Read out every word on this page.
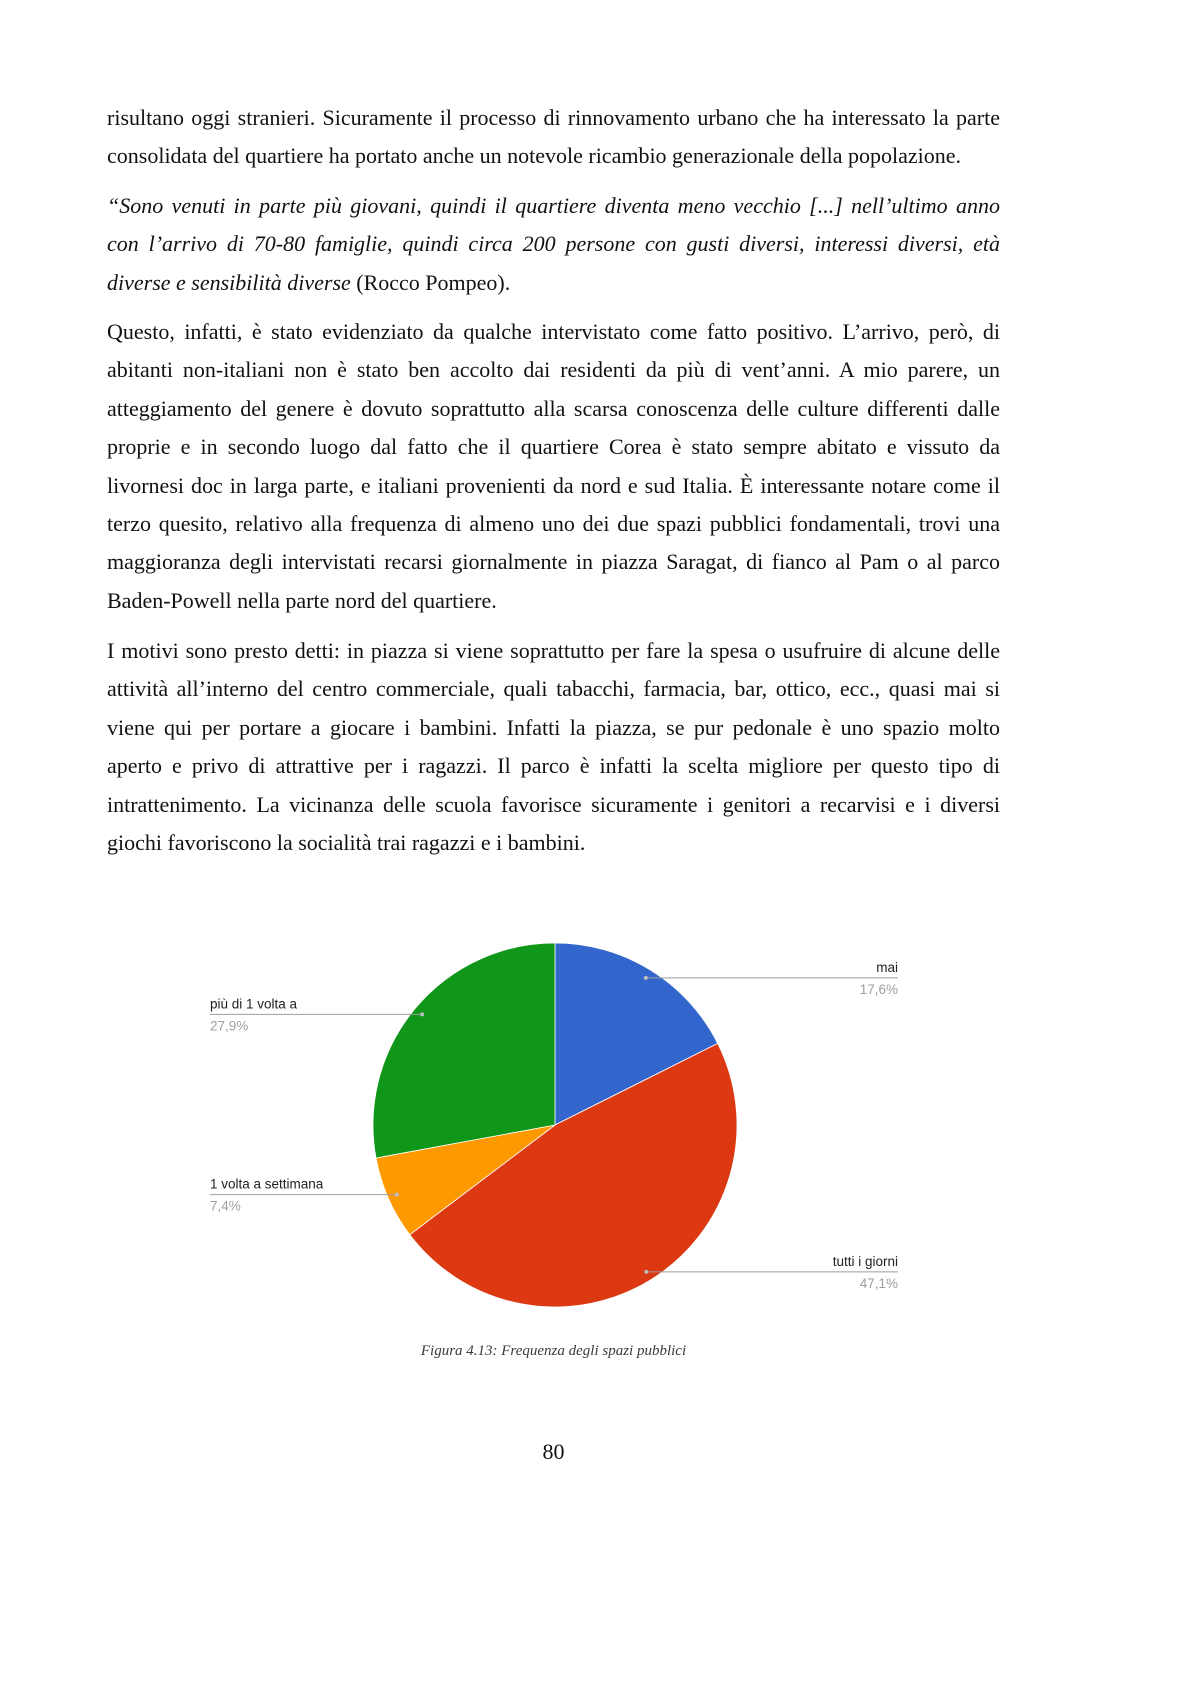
risultano oggi stranieri. Sicuramente il processo di rinnovamento urbano che ha interessato la parte
consolidata del quartiere ha portato anche un notevole ricambio generazionale della popolazione.
“Sono venuti in parte più giovani, quindi il quartiere diventa meno vecchio [...] nell’ultimo anno
con l’arrivo di 70-80 famiglie, quindi circa 200 persone con gusti diversi, interessi diversi, età
diverse e sensibilità diverse (Rocco Pompeo).
Questo, infatti, è stato evidenziato da qualche intervistato come fatto positivo. L’arrivo, però, di
abitanti non-italiani non è stato ben accolto dai residenti da più di vent’anni. A mio parere, un
atteggiamento del genere è dovuto soprattutto alla scarsa conoscenza delle culture differenti dalle
proprie e in secondo luogo dal fatto che il quartiere Corea è stato sempre abitato e vissuto da
livornesi doc in larga parte, e italiani provenienti da nord e sud Italia. È interessante notare come il
terzo quesito, relativo alla frequenza di almeno uno dei due spazi pubblici fondamentali, trovi una
maggioranza degli intervistati recarsi giornalmente in piazza Saragat, di fianco al Pam o al parco
Baden-Powell nella parte nord del quartiere.
I motivi sono presto detti: in piazza si viene soprattutto per fare la spesa o usufruire di alcune delle
attività all’interno del centro commerciale, quali tabacchi, farmacia, bar, ottico, ecc., quasi mai si
viene qui per portare a giocare i bambini. Infatti la piazza, se pur pedonale è uno spazio molto
aperto e privo di attrattive per i ragazzi. Il parco è infatti la scelta migliore per questo tipo di
intrattenimento. La vicinanza delle scuola favorisce sicuramente i genitori a recarvisi e i diversi
giochi favoriscono la socialità trai ragazzi e i bambini.
mai
17,6%
tutti i giorni
47,1%
1 volta a settimana
7,4%
più di 1 volta a
27,9%
Figura 4.13: Frequenza degli spazi pubblici
80
